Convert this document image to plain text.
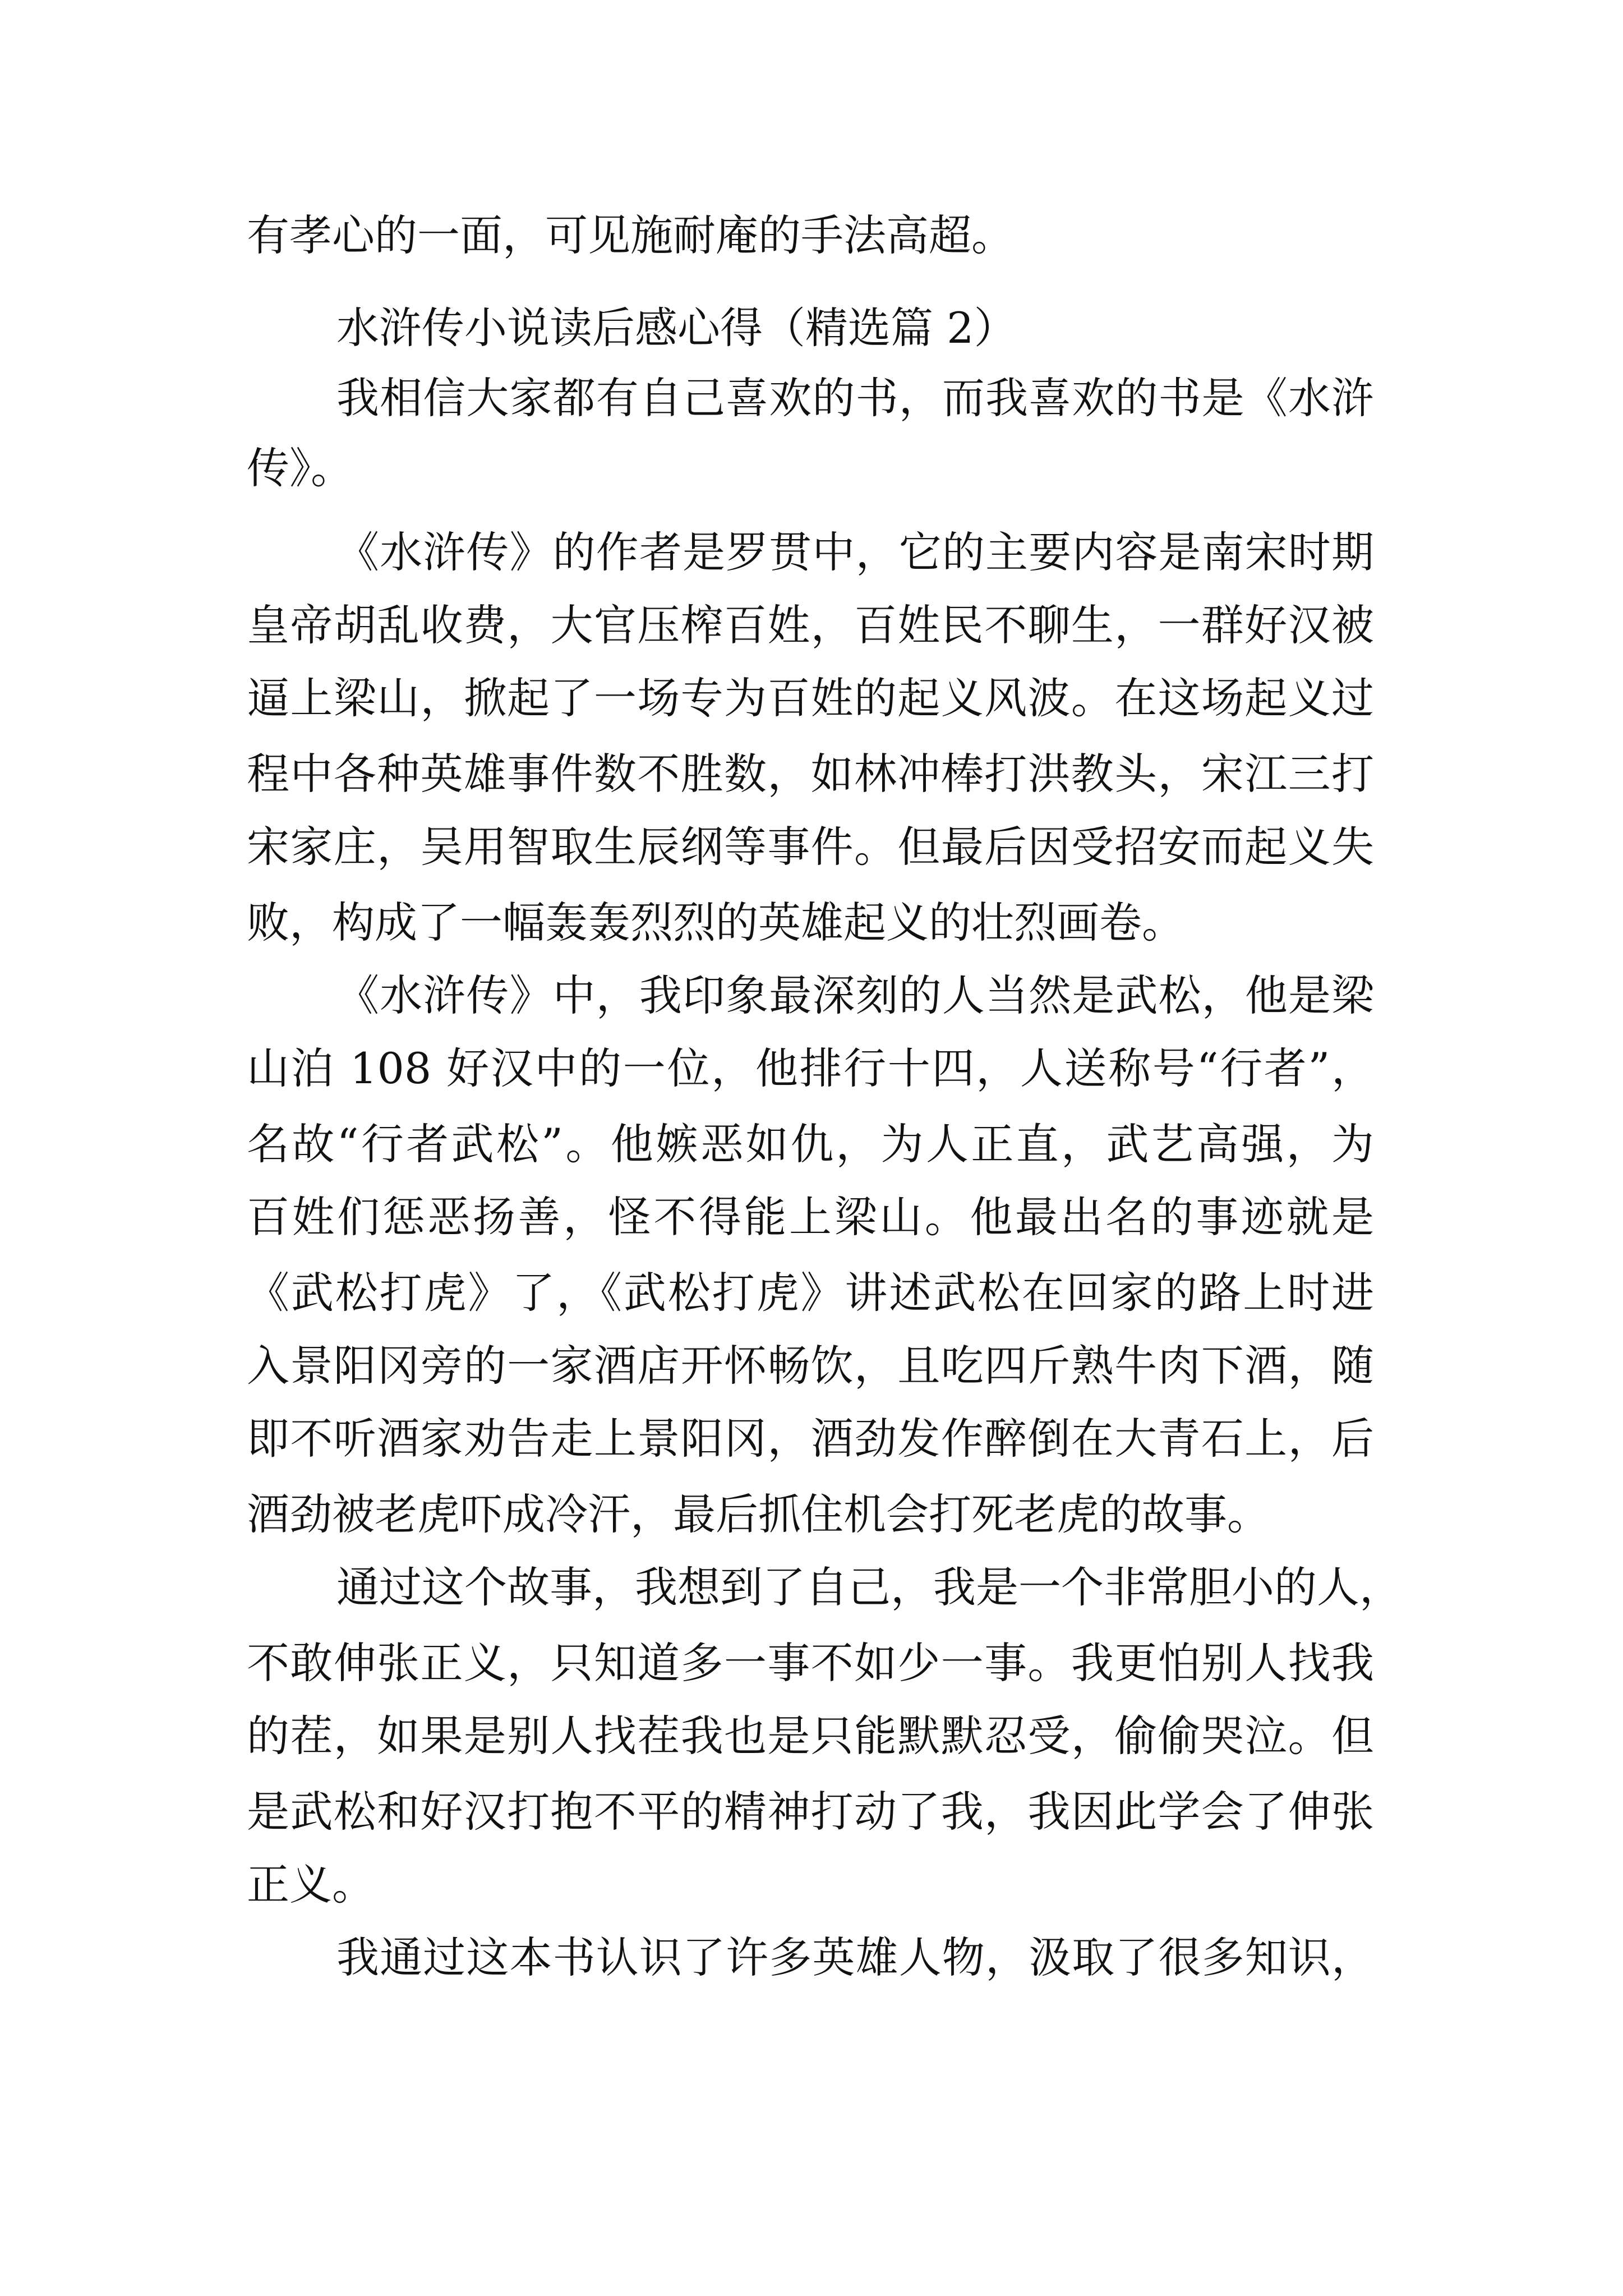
有孝心的一面，可见施耐庵的手法高超。
水浒传小说读后感心得（精选篇 2）
我相信大家都有自己喜欢的书，而我喜欢的书是《水浒
传》。
《水浒传》的作者是罗贯中，它的主要内容是南宋时期
皇帝胡乱收费，大官压榨百姓，百姓民不聊生，一群好汉被
逼上梁山，掀起了一场专为百姓的起义风波。在这场起义过
程中各种英雄事件数不胜数，如林冲棒打洪教头，宋江三打
宋家庄，吴用智取生辰纲等事件。但最后因受招安而起义失
败，构成了一幅轰轰烈烈的英雄起义的壮烈画卷。
《水浒传》中，我印象最深刻的人当然是武松，他是梁
山泊 108 好汉中的一位，他排行十四，人送称号“行者”，
名故“行者武松”。他嫉恶如仇，为人正直，武艺高强，为
百姓们惩恶扬善，怪不得能上梁山。他最出名的事迹就是
《武松打虎》了，《武松打虎》讲述武松在回家的路上时进
入景阳冈旁的一家酒店开怀畅饮，且吃四斤熟牛肉下酒，随
即不听酒家劝告走上景阳冈，酒劲发作醉倒在大青石上，后
酒劲被老虎吓成冷汗，最后抓住机会打死老虎的故事。
通过这个故事，我想到了自己，我是一个非常胆小的人，
不敢伸张正义，只知道多一事不如少一事。我更怕别人找我
的茬，如果是别人找茬我也是只能默默忍受，偷偷哭泣。但
是武松和好汉打抱不平的精神打动了我，我因此学会了伸张
正义。
我通过这本书认识了许多英雄人物，汲取了很多知识，
